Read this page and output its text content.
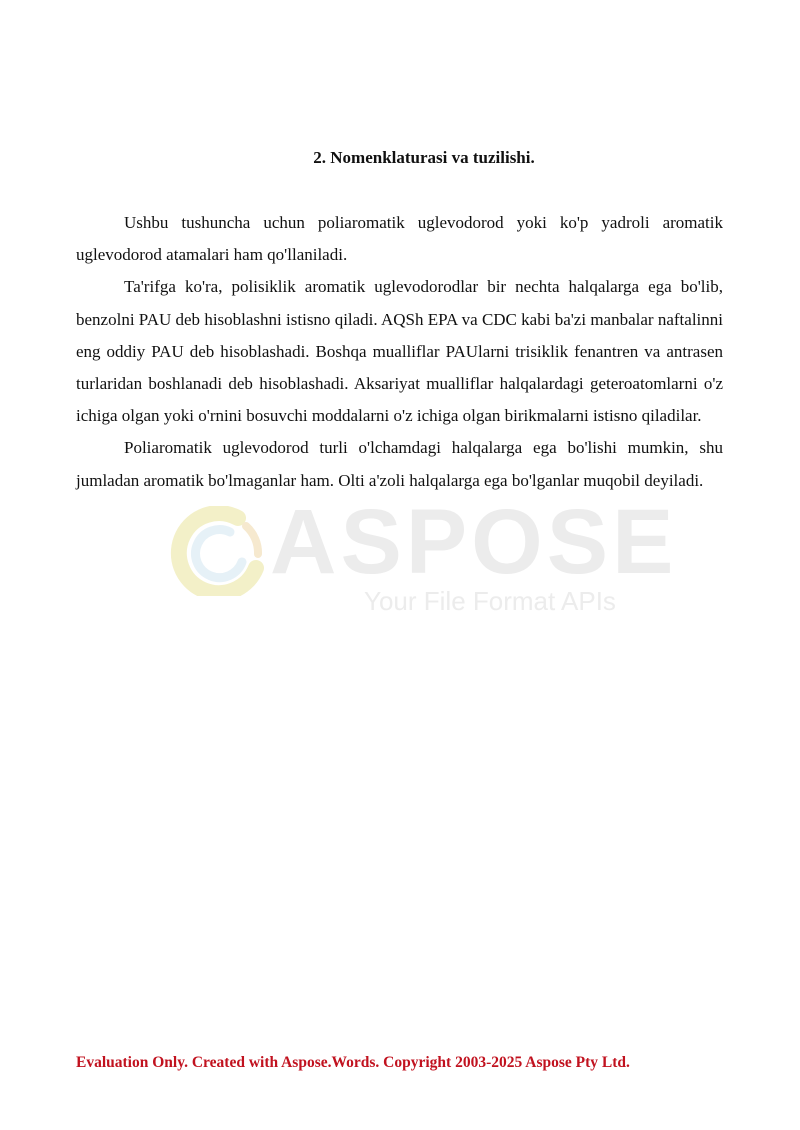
2. Nomenklaturasi va tuzilishi.

Ushbu tushuncha uchun poliaromatik uglevodorod yoki ko'p yadroli aromatik uglevodorod atamalari ham qo'llaniladi.

Ta'rifga ko'ra, polisiklik aromatik uglevodorodlar bir nechta halqalarga ega bo'lib, benzolni PAU deb hisoblashni istisno qiladi. AQSh EPA va CDC kabi ba'zi manbalar naftalinni eng oddiy PAU deb hisoblashadi. Boshqa mualliflar PAUlarni trisiklik fenantren va antrasen turlaridan boshlanadi deb hisoblashadi. Aksariyat mualliflar halqalardagi geteroatomlarni o'z ichiga olgan yoki o'rnini bosuvchi moddalarni o'z ichiga olgan birikmalarni istisno qiladilar.

Poliaromatik uglevodorod turli o'lchamdagi halqalarga ega bo'lishi mumkin, shu jumladan aromatik bo'lmaganlar ham. Olti a'zoli halqalarga ega bo'lganlar muqobil deyiladi.

ASPOSE
Your File Format APIs
Evaluation Only. Created with Aspose.Words. Copyright 2003-2025 Aspose Pty Ltd.
